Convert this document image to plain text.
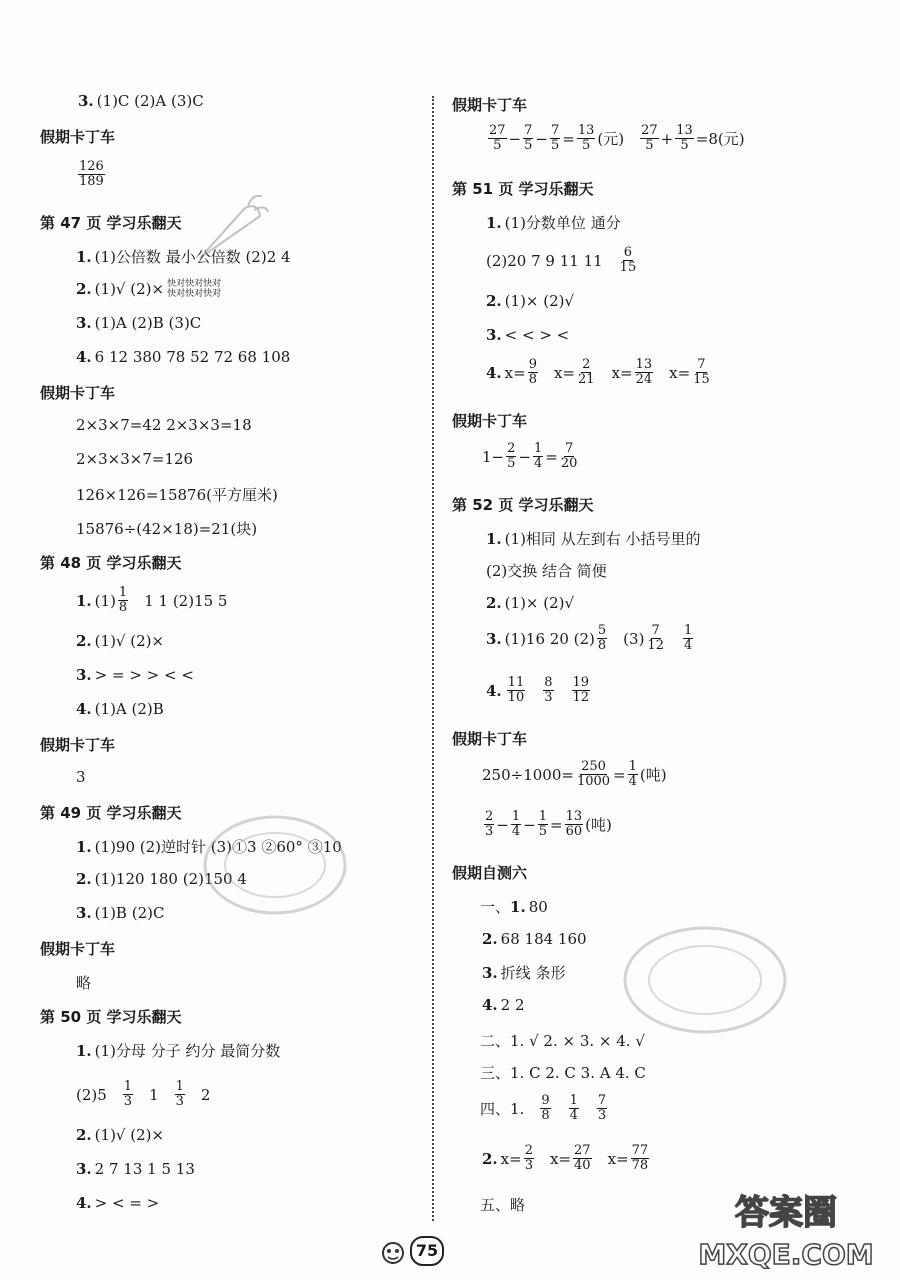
3. (1)C (2)A (3)C
假期卡丁车
$\frac{126}{189}$
第 47 页 学习乐翻天
1. (1)公倍数 最小公倍数 (2)2 4
2. (1)√ (2)× 快对快对快对
快对快对快对
3. (1)A (2)B (3)C
4. 6 12 380 78 52 72 68 108
假期卡丁车
2×3×7=42 2×3×3=18
2×3×3×7=126
126×126=15876(平方厘米)
15876÷(42×18)=21(块)
第 48 页 学习乐翻天
1. $(1) \frac{1}{8} 1$ 1 (2)15 5
2. (1)√ (2)×
3. > = > > < <
4. (1)A (2)B
假期卡丁车
3
第 49 页 学习乐翻天
1. (1)90 (2)逆时针 (3)①3 ②60° ③10
2. (1)120 180 (2)150 4
3. (1)B (2)C
假期卡丁车
略
第 50 页 学习乐翻天
1. (1)分母 分子 约分 最简分数
$(2)5 \frac{1}{3} 1 \frac{1}{3} 2$
2. (1)√ (2)×
3. 2 7 13 1 5 13
4. > < = >
假期卡丁车
$\frac{27}{5} - \frac{7}{5} - \frac{7}{5} = \frac{13}{5}$ (元) $\frac{27}{5} + \frac{13}{5} =8$(元)
第 51 页 学习乐翻天
1. (1)分数单位 通分
(2)20 7 9 11 $11 \frac{6}{15}$
2. (1)× (2)√
3. < < > <
4. $x= \frac{9}{8} x= \frac{2}{21} x= \frac{13}{24} x= \frac{7}{15}$
假期卡丁车
$1- \frac{2}{5} - \frac{1}{4} = \frac{7}{20}$
第 52 页 学习乐翻天
1. (1)相同 从左到右 小括号里的
(2)交换 结合 简便
2. (1)× (2)√
3. (1)16 20 $(2) \frac{5}{8} (3) \frac{7}{12} \frac{1}{4}$
4. $\frac{11}{10} \frac{8}{3} \frac{19}{12}$
假期卡丁车
$250\div 1000= \frac{250}{1000} = \frac{1}{4}$ (吨)
$\frac{2}{3} - \frac{1}{4} - \frac{1}{5} = \frac{13}{60}$ (吨)
假期自测六
一、 1. 80
2. 68 184 160
3. 折线 条形
4. 2 2
二、1. √ 2. × 3. × 4. √
三、1. C 2. C 3. A 4. C
四、1. $\frac{9}{8} \frac{1}{4} \frac{7}{3}$
2. $x= \frac{2}{3} x= \frac{27}{40} x= \frac{77}{78}$
五、略
75
答案圈
MXQE.COM
